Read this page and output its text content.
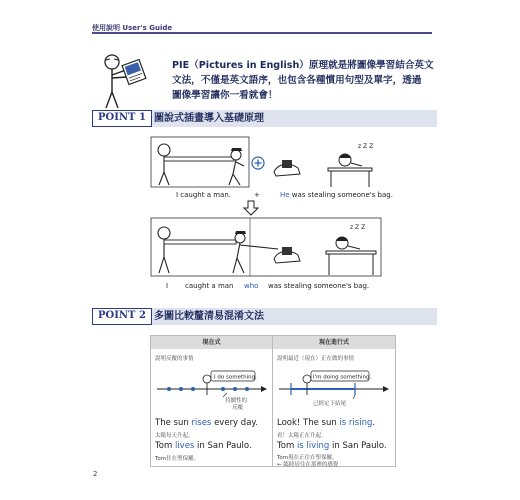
使用說明 User's Guide
PIE（Pictures in English）原理就是將圖像學習結合英文
文法，不僅是英文語序，也包含各種慣用句型及單字，透過
圖像學習讓你一看就會！
POINT 1 圖說式插畫導入基礎原理
z Z Z
I caught a man.	+	He was stealing someone's bag.
z Z Z
I caught a man who was stealing someone's bag.
POINT 2 多圖比較釐清易混淆文法
現在式
說明反覆的事情
I do something.
持續性的
反覆
The sun rises every day.
太陽每天升起。
Tom lives in San Paulo.
Tom住在聖保羅。
現在進行式
說明最近（現在）正在做的事情
I'm doing something.
已經定下結尾
Look! The sun is rising.
看！太陽正在升起。
Tom is living in San Paulo.
Tom現在正住在聖保羅。
← 臨時居住在那裡的感覺
2
